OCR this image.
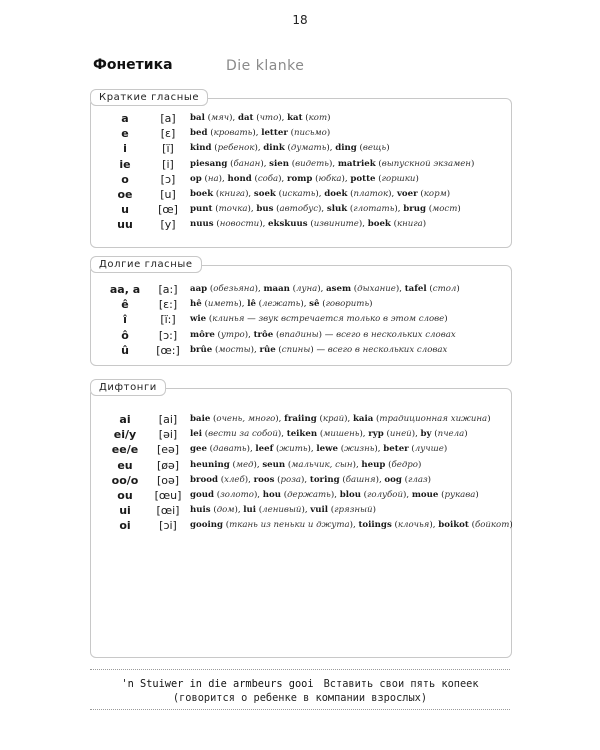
18
Фонетика	Die klanke
Краткие гласные
a	[a]	bal (мяч), dat (что), kat (кот)
e	[ɛ]	bed (кровать), letter (письмо)
i	[ï]	kind (ребенок), dink (думать), ding (вещь)
ie	[i]	piesang (банан), sien (видеть), matriek (выпускной экзамен)
o	[ɔ]	op (на), hond (соба), romp (юбка), potte (горшки)
oe	[u]	boek (книга), soek (искать), doek (платок), voer (корм)
u	[œ]	punt (точка), bus (автобус), sluk (глотать), brug (мост)
uu	[y]	nuus (новости), ekskuus (извините), boek (книга)
Долгие гласные
aa, a	[a:]	aap (обезьяна), maan (луна), asem (дыхание), tafel (стол)
ê	[ɛ:]	hê (иметь), lê (лежать), sê (говорить)
î	[ï:]	wie (клинья — звук встречается только в этом слове)
ô	[ɔ:]	môre (утро), trôe (впадины) — всего в нескольких словах
û	[œ:]	brûe (мосты), rûe (спины) — всего в нескольких словах
Дифтонги
ai	[ai]	baie (очень, много), fraiing (край), kaia (традиционная хижина)
ei/y	[əi]	lei (вести за собой), teiken (мишень), ryp (иней), by (пчела)
ee/e	[eə]	gee (давать), leef (жить), lewe (жизнь), beter (лучше)
eu	[øə]	heuning (мед), seun (мальчик, сын), heup (бедро)
oo/o	[oə]	brood (хлеб), roos (роза), toring (башня), oog (глаз)
ou	[œu] goud (золото), hou (держать), blou (голубой), moue (рукава)
ui	[œi]	huis (дом), lui (ленивый), vuil (грязный)
oi	[ɔi]	gooing (ткань из пеньки и джута), toiings (клочья), boikot (бойкот)
'n Stuiwer in die armbeurs gooi Вставить свои пять копеек
(говорится о ребенке в компании взрослых)
